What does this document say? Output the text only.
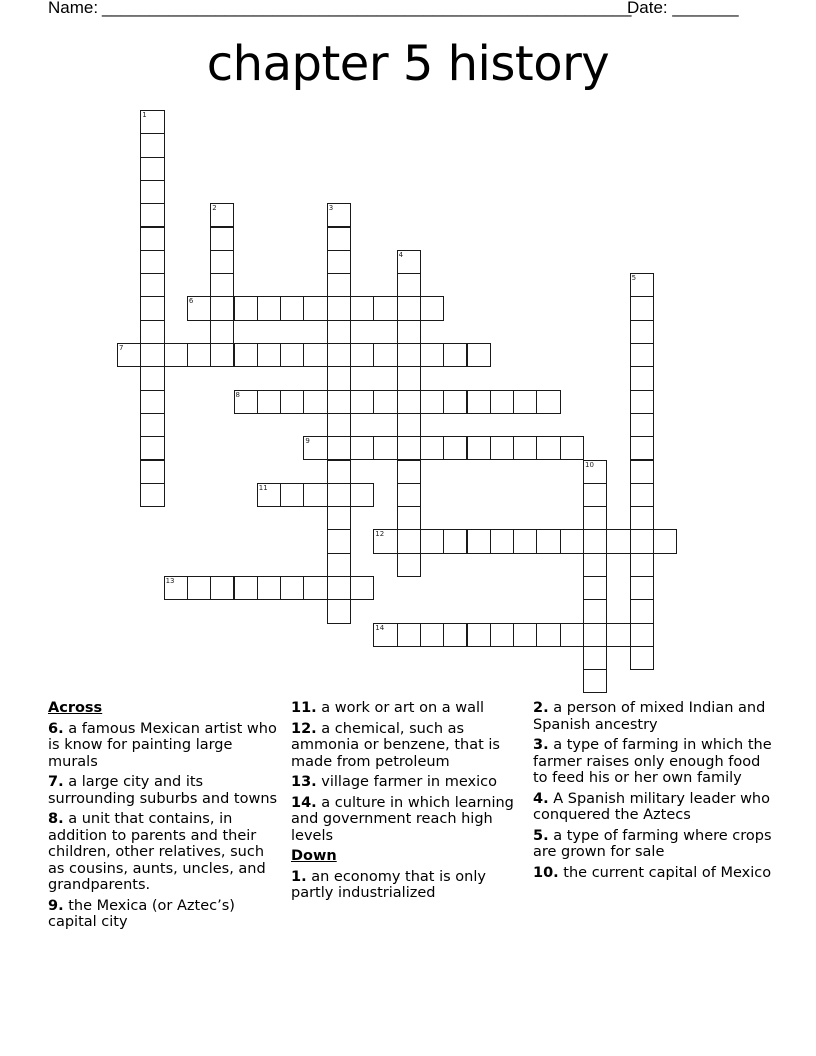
Name: ________________________________________________________
Date: _______
chapter 5 history
1
2	3
4
5
6
7
8
9
10
11
12
13
14
Across
6. a famous Mexican artist who is know for painting large murals
7. a large city and its surrounding suburbs and towns
8. a unit that contains, in addition to parents and their children, other relatives, such as cousins, aunts, uncles, and grandparents.
9. the Mexica (or Aztec’s) capital city
11. a work or art on a wall
12. a chemical, such as ammonia or benzene, that is made from petroleum
13. village farmer in mexico
14. a culture in which learning and government reach high levels
Down
1. an economy that is only partly industrialized
2. a person of mixed Indian and Spanish ancestry
3. a type of farming in which the farmer raises only enough food to feed his or her own family
4. A Spanish military leader who conquered the Aztecs
5. a type of farming where crops are grown for sale
10. the current capital of Mexico
